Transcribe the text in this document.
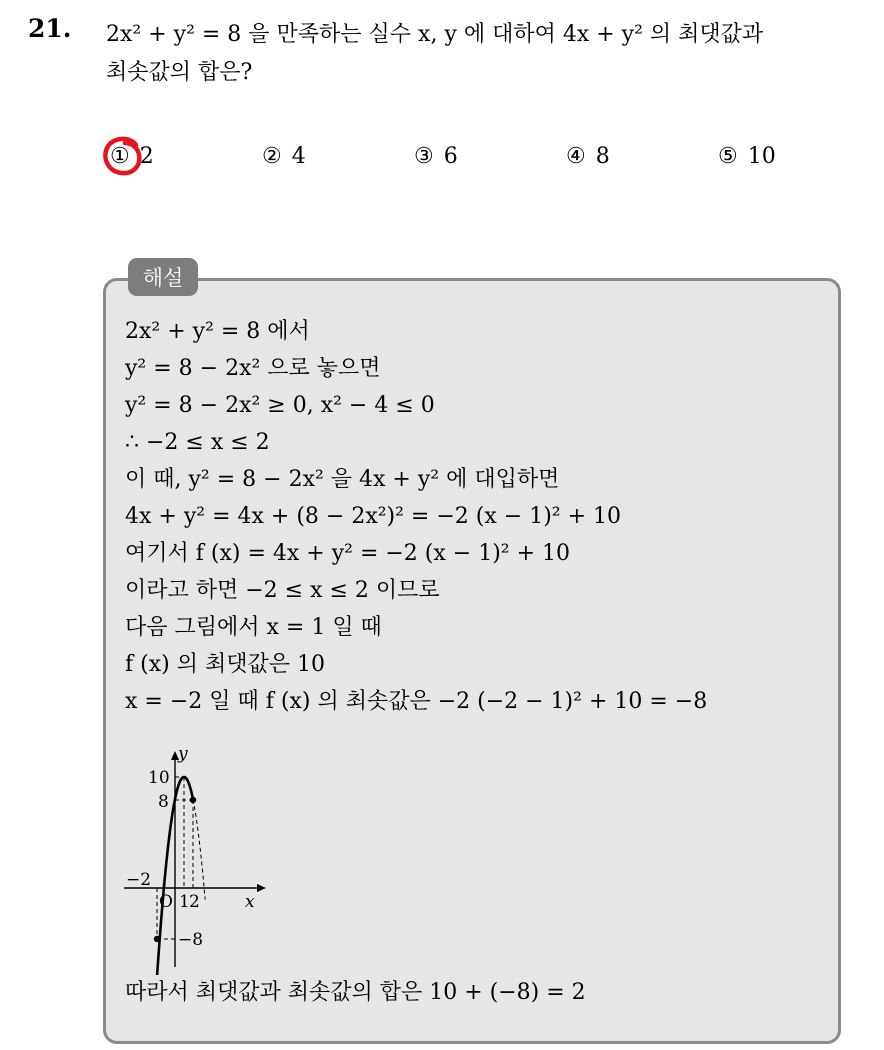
21. 2x² + y² = 8 을 만족하는 실수 x, y 에 대하여 4x + y² 의 최댓값과
최솟값의 합은?
① 2	② 4	③ 6	④ 8	⑤ 10
해설
2x² + y² = 8 에서
y² = 8 − 2x² 으로 놓으면
y² = 8 − 2x² ≥ 0, x² − 4 ≤ 0
∴ −2 ≤ x ≤ 2
이 때, y² = 8 − 2x² 을 4x + y² 에 대입하면
4x + y² = 4x + (8 − 2x²)² = −2 (x − 1)² + 10
여기서 f (x) = 4x + y² = −2 (x − 1)² + 10
이라고 하면 −2 ≤ x ≤ 2 이므로
다음 그림에서 x = 1 일 때
f (x) 의 최댓값은 10
x = −2 일 때 f (x) 의 최솟값은 −2 (−2 − 1)² + 10 = −8
y
x
10
8
−2
O 1 2
−8
따라서 최댓값과 최솟값의 합은 10 + (−8) = 2
